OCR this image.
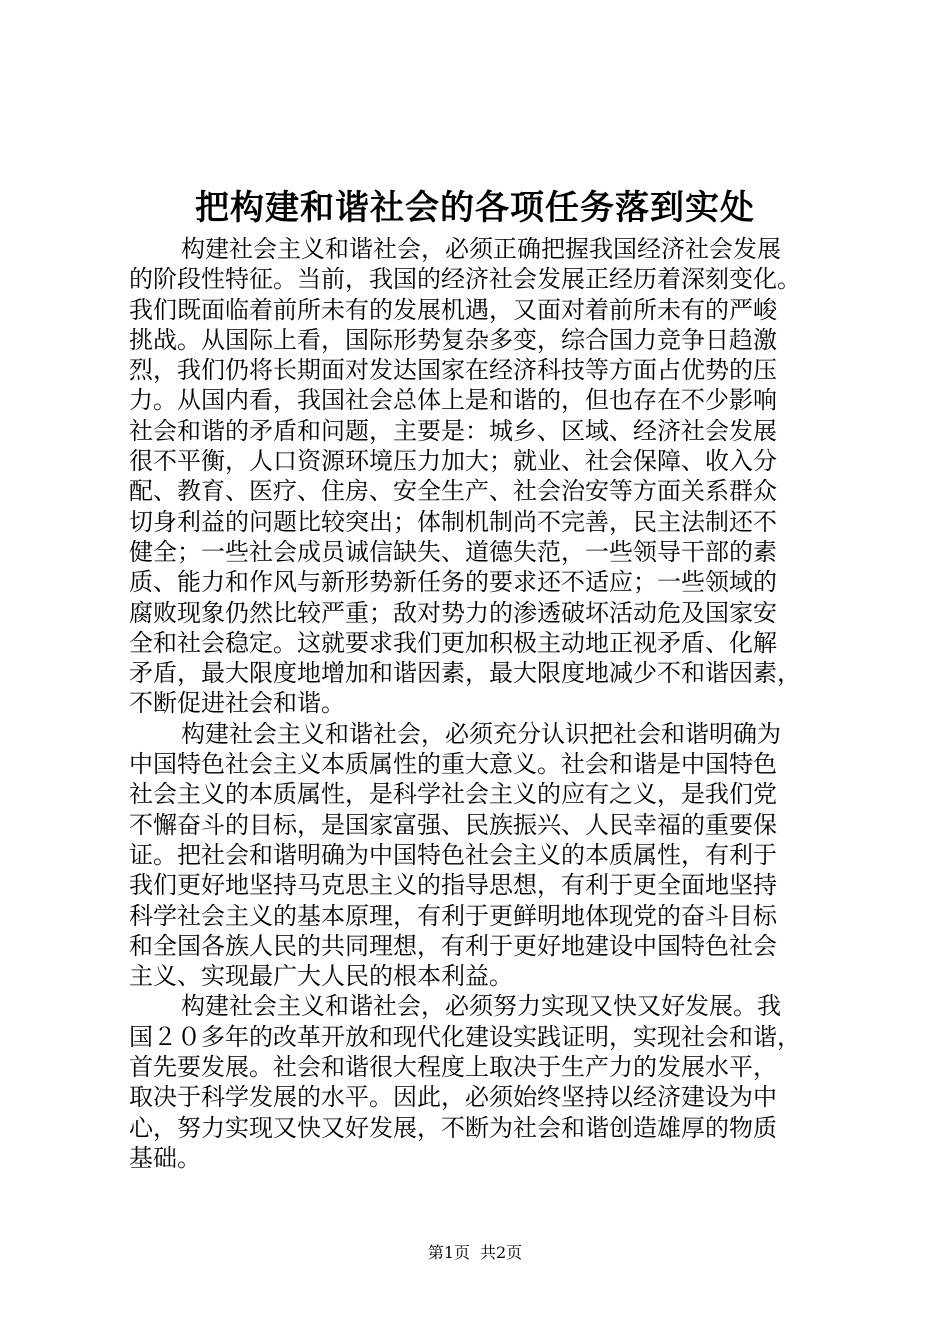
把构建和谐社会的各项任务落到实处
构建社会主义和谐社会，必须正确把握我国经济社会发展
的阶段性特征。当前，我国的经济社会发展正经历着深刻变化。
我们既面临着前所未有的发展机遇，又面对着前所未有的严峻
挑战。从国际上看，国际形势复杂多变，综合国力竞争日趋激
烈，我们仍将长期面对发达国家在经济科技等方面占优势的压
力。从国内看，我国社会总体上是和谐的，但也存在不少影响
社会和谐的矛盾和问题，主要是：城乡、区域、经济社会发展
很不平衡，人口资源环境压力加大；就业、社会保障、收入分
配、教育、医疗、住房、安全生产、社会治安等方面关系群众
切身利益的问题比较突出；体制机制尚不完善，民主法制还不
健全；一些社会成员诚信缺失、道德失范，一些领导干部的素
质、能力和作风与新形势新任务的要求还不适应；一些领域的
腐败现象仍然比较严重；敌对势力的渗透破坏活动危及国家安
全和社会稳定。这就要求我们更加积极主动地正视矛盾、化解
矛盾，最大限度地增加和谐因素，最大限度地减少不和谐因素，
不断促进社会和谐。
构建社会主义和谐社会，必须充分认识把社会和谐明确为
中国特色社会主义本质属性的重大意义。社会和谐是中国特色
社会主义的本质属性，是科学社会主义的应有之义，是我们党
不懈奋斗的目标，是国家富强、民族振兴、人民幸福的重要保
证。把社会和谐明确为中国特色社会主义的本质属性，有利于
我们更好地坚持马克思主义的指导思想，有利于更全面地坚持
科学社会主义的基本原理，有利于更鲜明地体现党的奋斗目标
和全国各族人民的共同理想，有利于更好地建设中国特色社会
主义、实现最广大人民的根本利益。
构建社会主义和谐社会，必须努力实现又快又好发展。我
国２０多年的改革开放和现代化建设实践证明，实现社会和谐，
首先要发展。社会和谐很大程度上取决于生产力的发展水平，
取决于科学发展的水平。因此，必须始终坚持以经济建设为中
心，努力实现又快又好发展，不断为社会和谐创造雄厚的物质
基础。
第1页 共2页
